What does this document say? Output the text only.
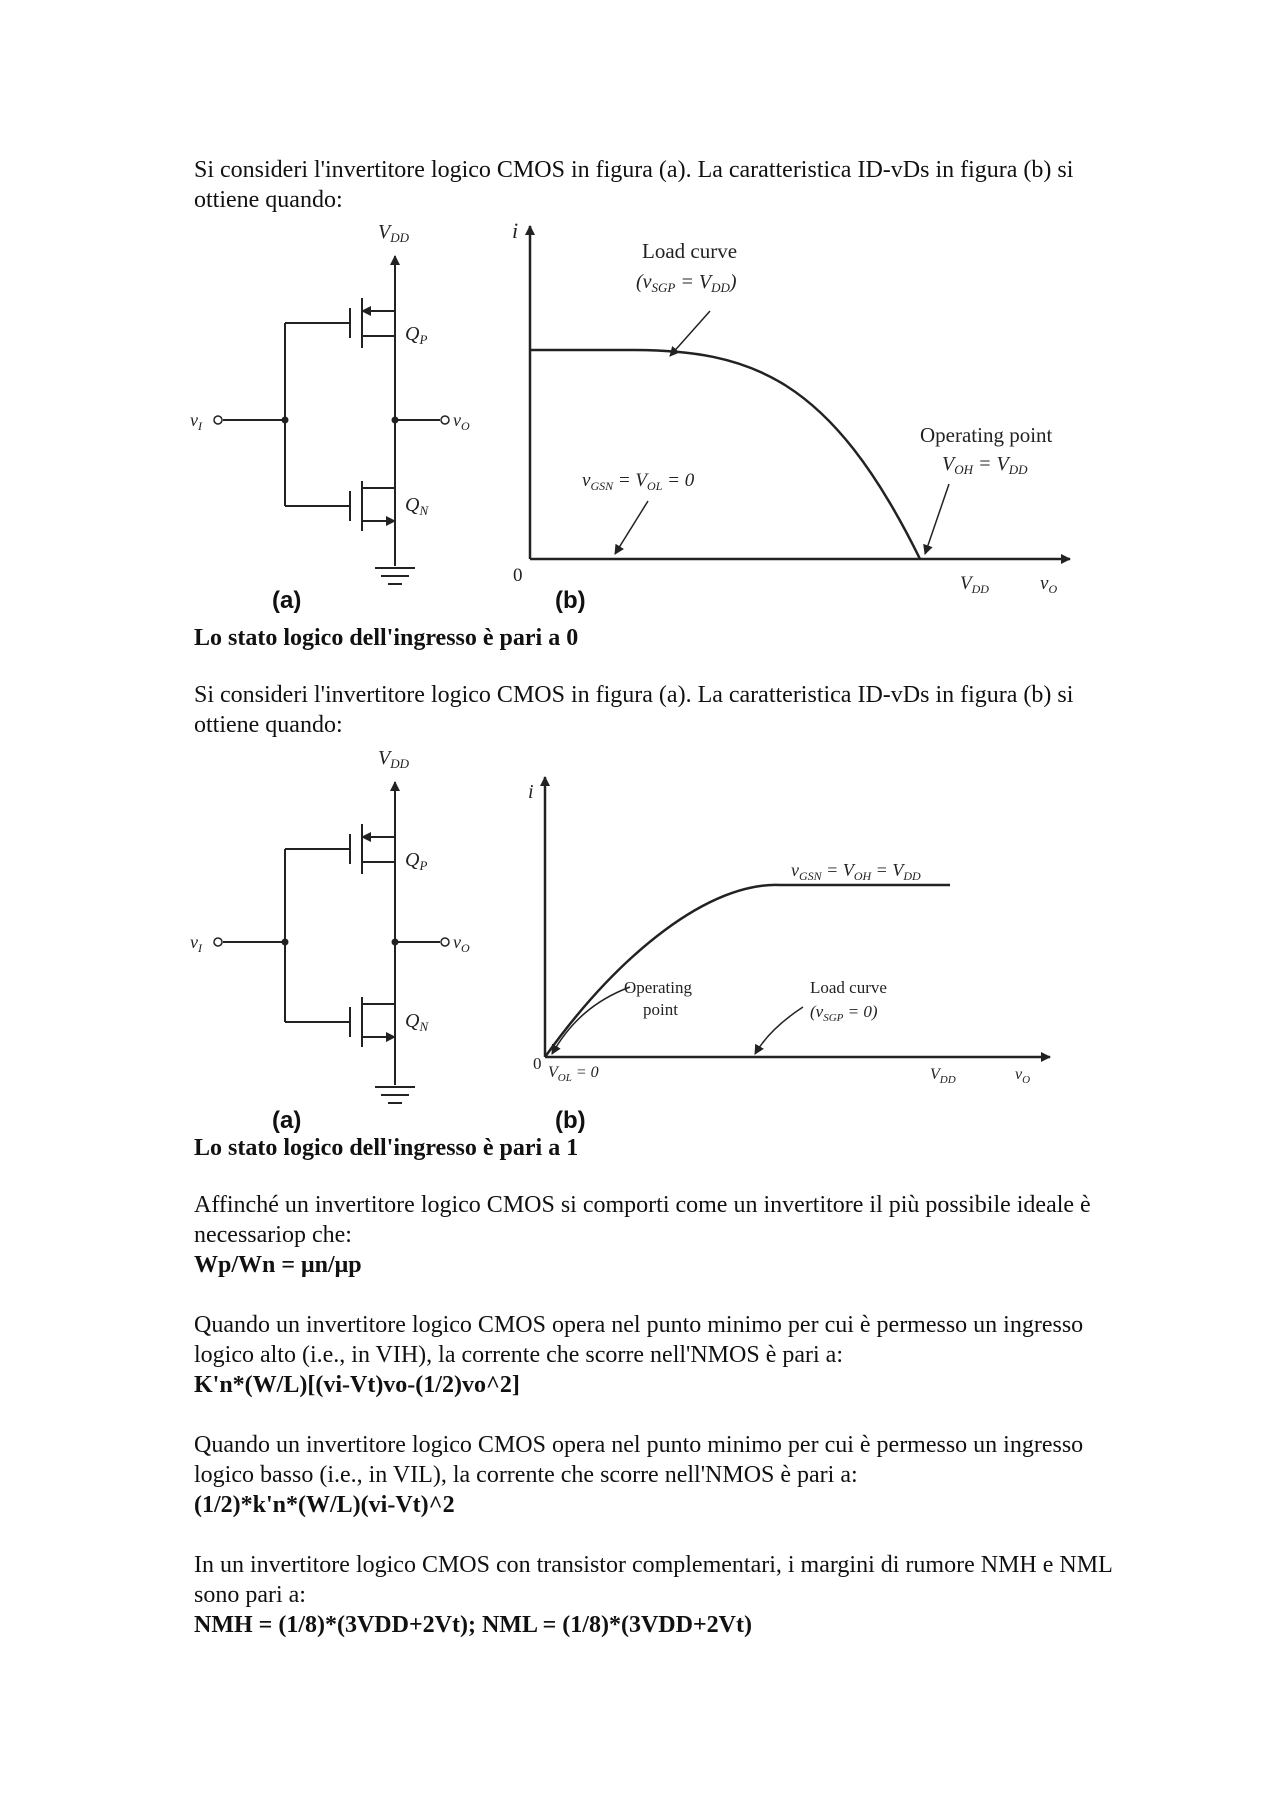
Si consideri l'invertitore logico CMOS in figura (a). La caratteristica ID-vDs in figura (b) si ottiene quando:

$V_{DD}$
$Q_P$
$Q_N$
$v_I$	$v_O$
(a)
Load curve
$(v_{SGP} = V_{DD})$
Operating point
$V_{OH} = V_{DD}$
$v_{GSN} = V_{OL} = 0$
i
0	$V_{DD}$	$v_O$
(b)

Lo stato logico dell'ingresso è pari a 0

Si consideri l'invertitore logico CMOS in figura (a). La caratteristica ID-vDs in figura (b) si ottiene quando:

$V_{DD}$
$Q_P$
$Q_N$
$v_I$	$v_O$
(a)
$v_{GSN} = V_{OH} = V_{DD}$
Operating
point
Load curve
$(v_{SGP} = 0)$
i
0 $V_{OL} = 0$	$V_{DD}$	$v_O$
(b)

Lo stato logico dell'ingresso è pari a 1

Affinché un invertitore logico CMOS si comporti come un invertitore il più possibile ideale è necessariop che:

Wp/Wn = μn/μp

Quando un invertitore logico CMOS opera nel punto minimo per cui è permesso un ingresso logico alto (i.e., in VIH), la corrente che scorre nell'NMOS è pari a:

K'n*(W/L)[(vi-Vt)vo-(1/2)vo^2]

Quando un invertitore logico CMOS opera nel punto minimo per cui è permesso un ingresso logico basso (i.e., in VIL), la corrente che scorre nell'NMOS è pari a:

(1/2)*k'n*(W/L)(vi-Vt)^2

In un invertitore logico CMOS con transistor complementari, i margini di rumore NMH e NML sono pari a:

NMH = (1/8)*(3VDD+2Vt); NML = (1/8)*(3VDD+2Vt)
